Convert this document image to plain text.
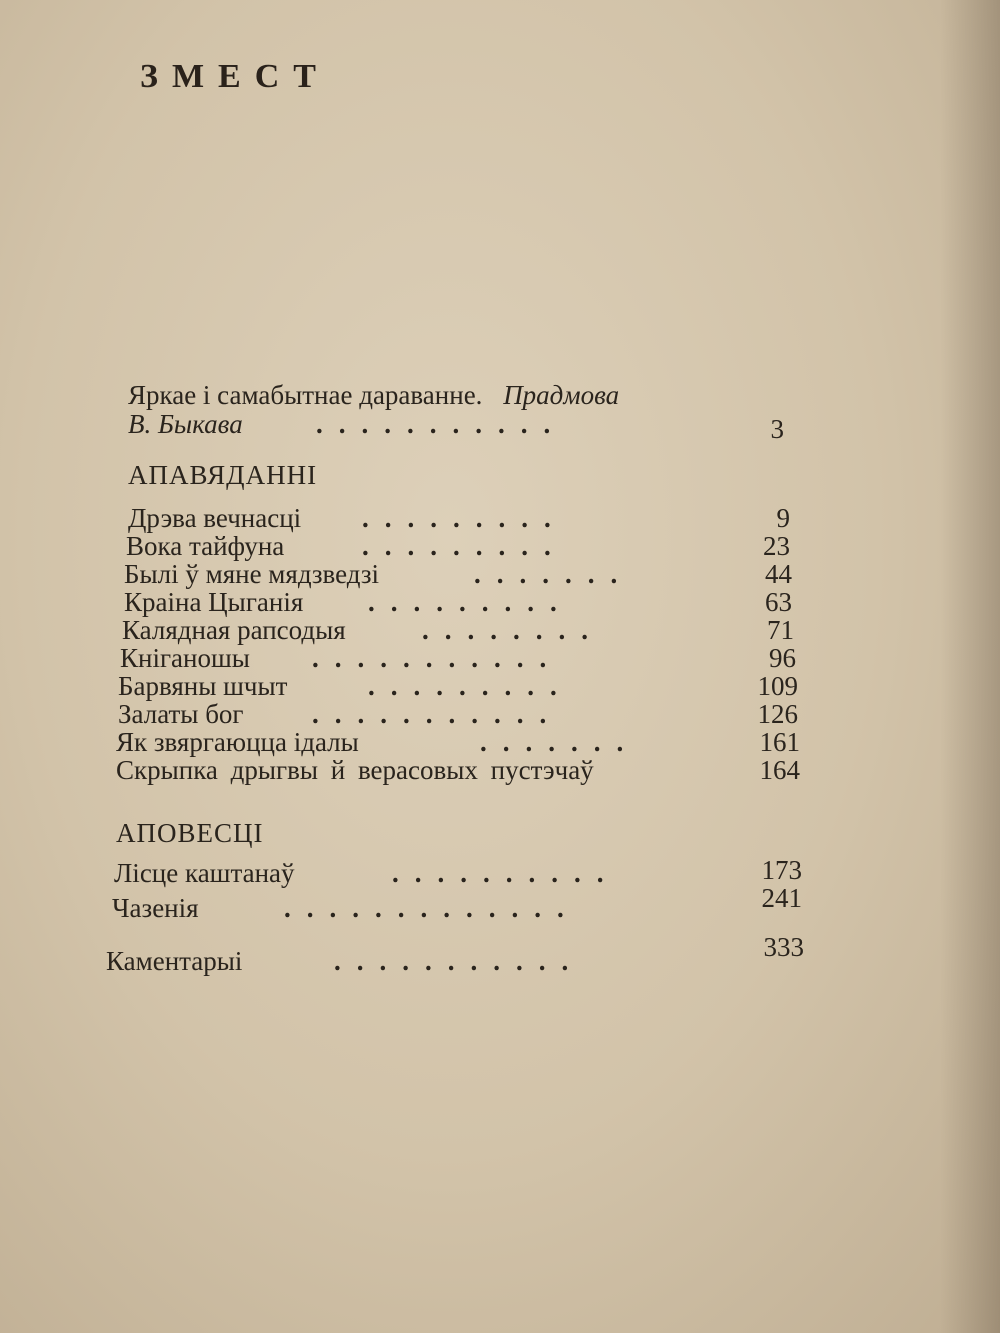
ЗМЕСТ
Яркае і самабытнае дараванне. Прадмова
В. Быкава	...........	3
АПАВЯДАННІ
Дрэва вечнасці .........	9
Вока тайфуна	.........	23
Былі ў мяне мядзведзі	.......	44
Краіна Цыганія .........	63
Калядная рапсодыя	........	71
Кніганошы ...........	96
Барвяны шчыт	.........	109
Залаты бог	...........	126
Як звяргаюцца ідалы	.......	161
Скрыпка дрыгвы й верасовых пустэчаў	164
АПОВЕСЦІ
Лісце каштанаў	..........	173
Чазенія	.............	241
Каментарыі	...........	333
